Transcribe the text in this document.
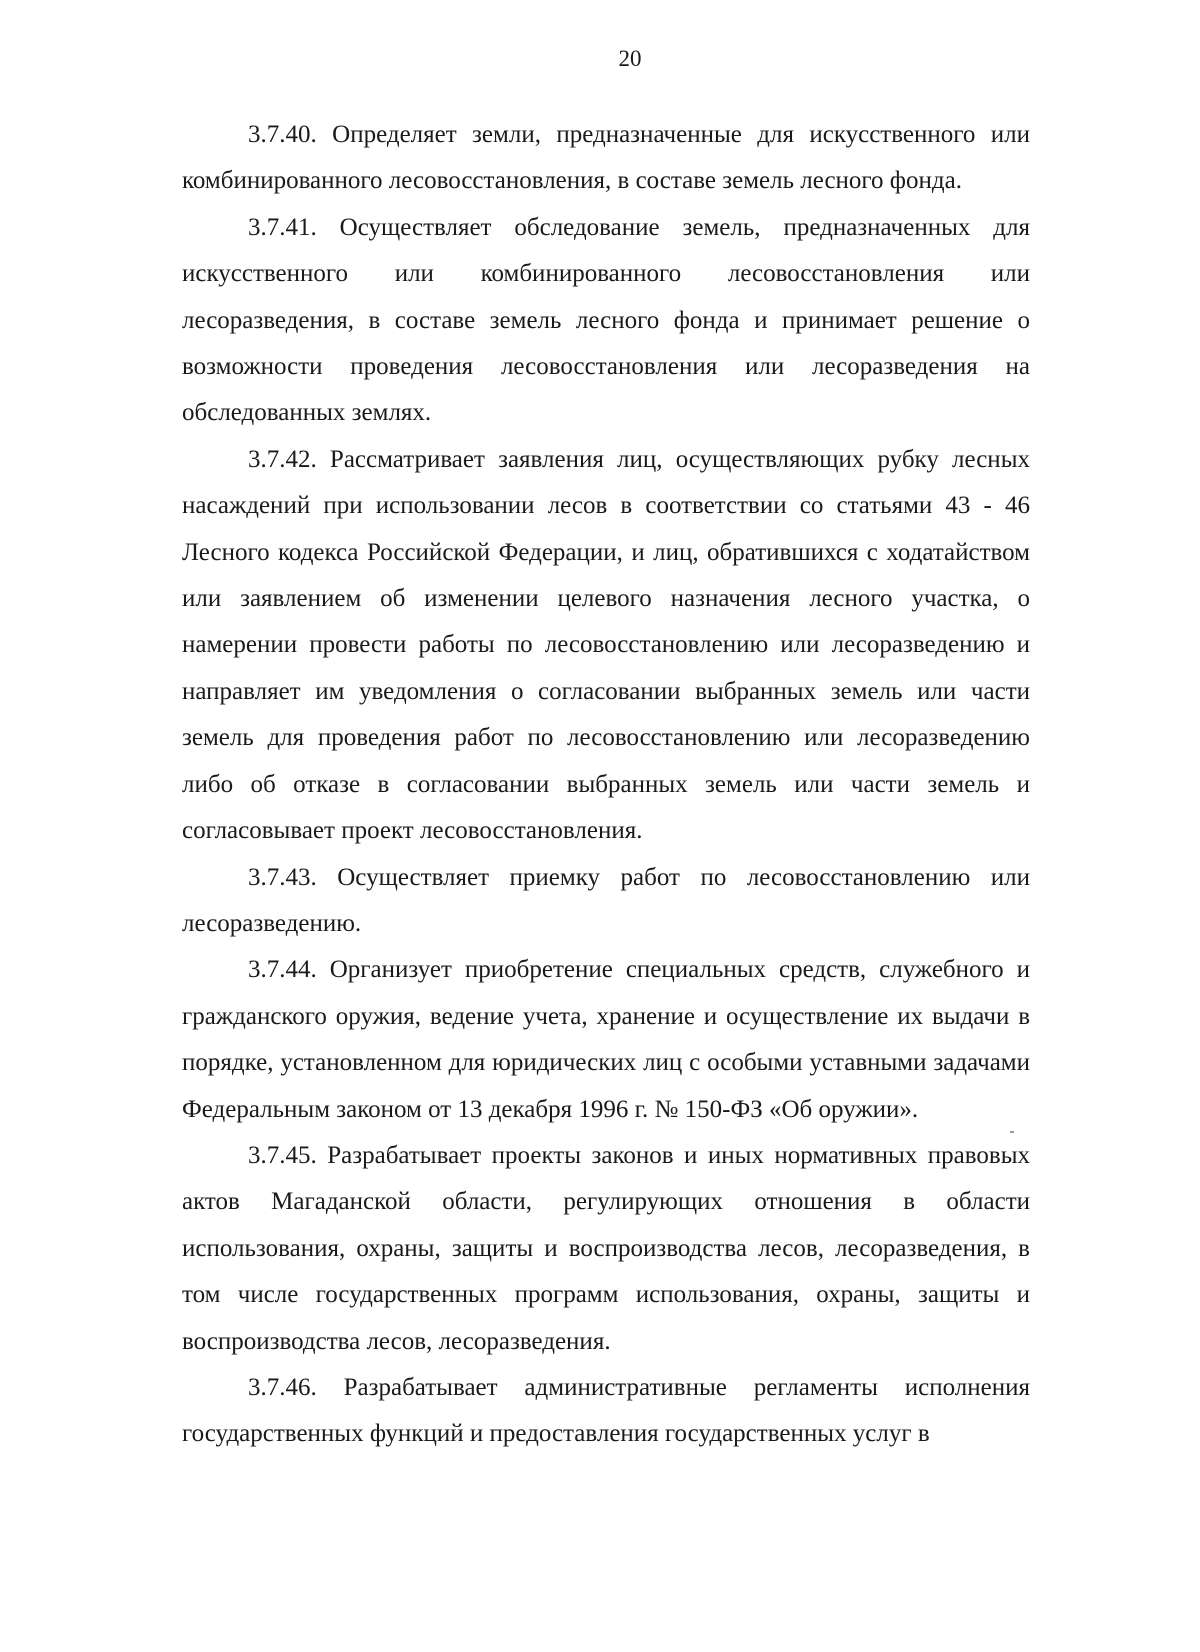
20

3.7.40. Определяет земли, предназначенные для искусственного или комбинированного лесовосстановления, в составе земель лесного фонда.

3.7.41. Осуществляет обследование земель, предназначенных для искусственного или комбинированного лесовосстановления или лесоразведения, в составе земель лесного фонда и принимает решение о возможности проведения лесовосстановления или лесоразведения на обследованных землях.

3.7.42. Рассматривает заявления лиц, осуществляющих рубку лесных насаждений при использовании лесов в соответствии со статьями 43 - 46 Лесного кодекса Российской Федерации, и лиц, обратившихся с ходатайством или заявлением об изменении целевого назначения лесного участка, о намерении провести работы по лесовосстановлению или лесоразведению и направляет им уведомления о согласовании выбранных земель или части земель для проведения работ по лесовосстановлению или лесоразведению либо об отказе в согласовании выбранных земель или части земель и согласовывает проект лесовосстановления.

3.7.43. Осуществляет приемку работ по лесовосстановлению или лесоразведению.

3.7.44. Организует приобретение специальных средств, служебного и гражданского оружия, ведение учета, хранение и осуществление их выдачи в порядке, установленном для юридических лиц с особыми уставными задачами Федеральным законом от 13 декабря 1996 г. № 150-ФЗ «Об оружии».

3.7.45. Разрабатывает проекты законов и иных нормативных правовых актов Магаданской области, регулирующих отношения в области использования, охраны, защиты и воспроизводства лесов, лесоразведения, в том числе государственных программ использования, охраны, защиты и воспроизводства лесов, лесоразведения.

3.7.46. Разрабатывает административные регламенты исполнения государственных функций и предоставления государственных услуг в
